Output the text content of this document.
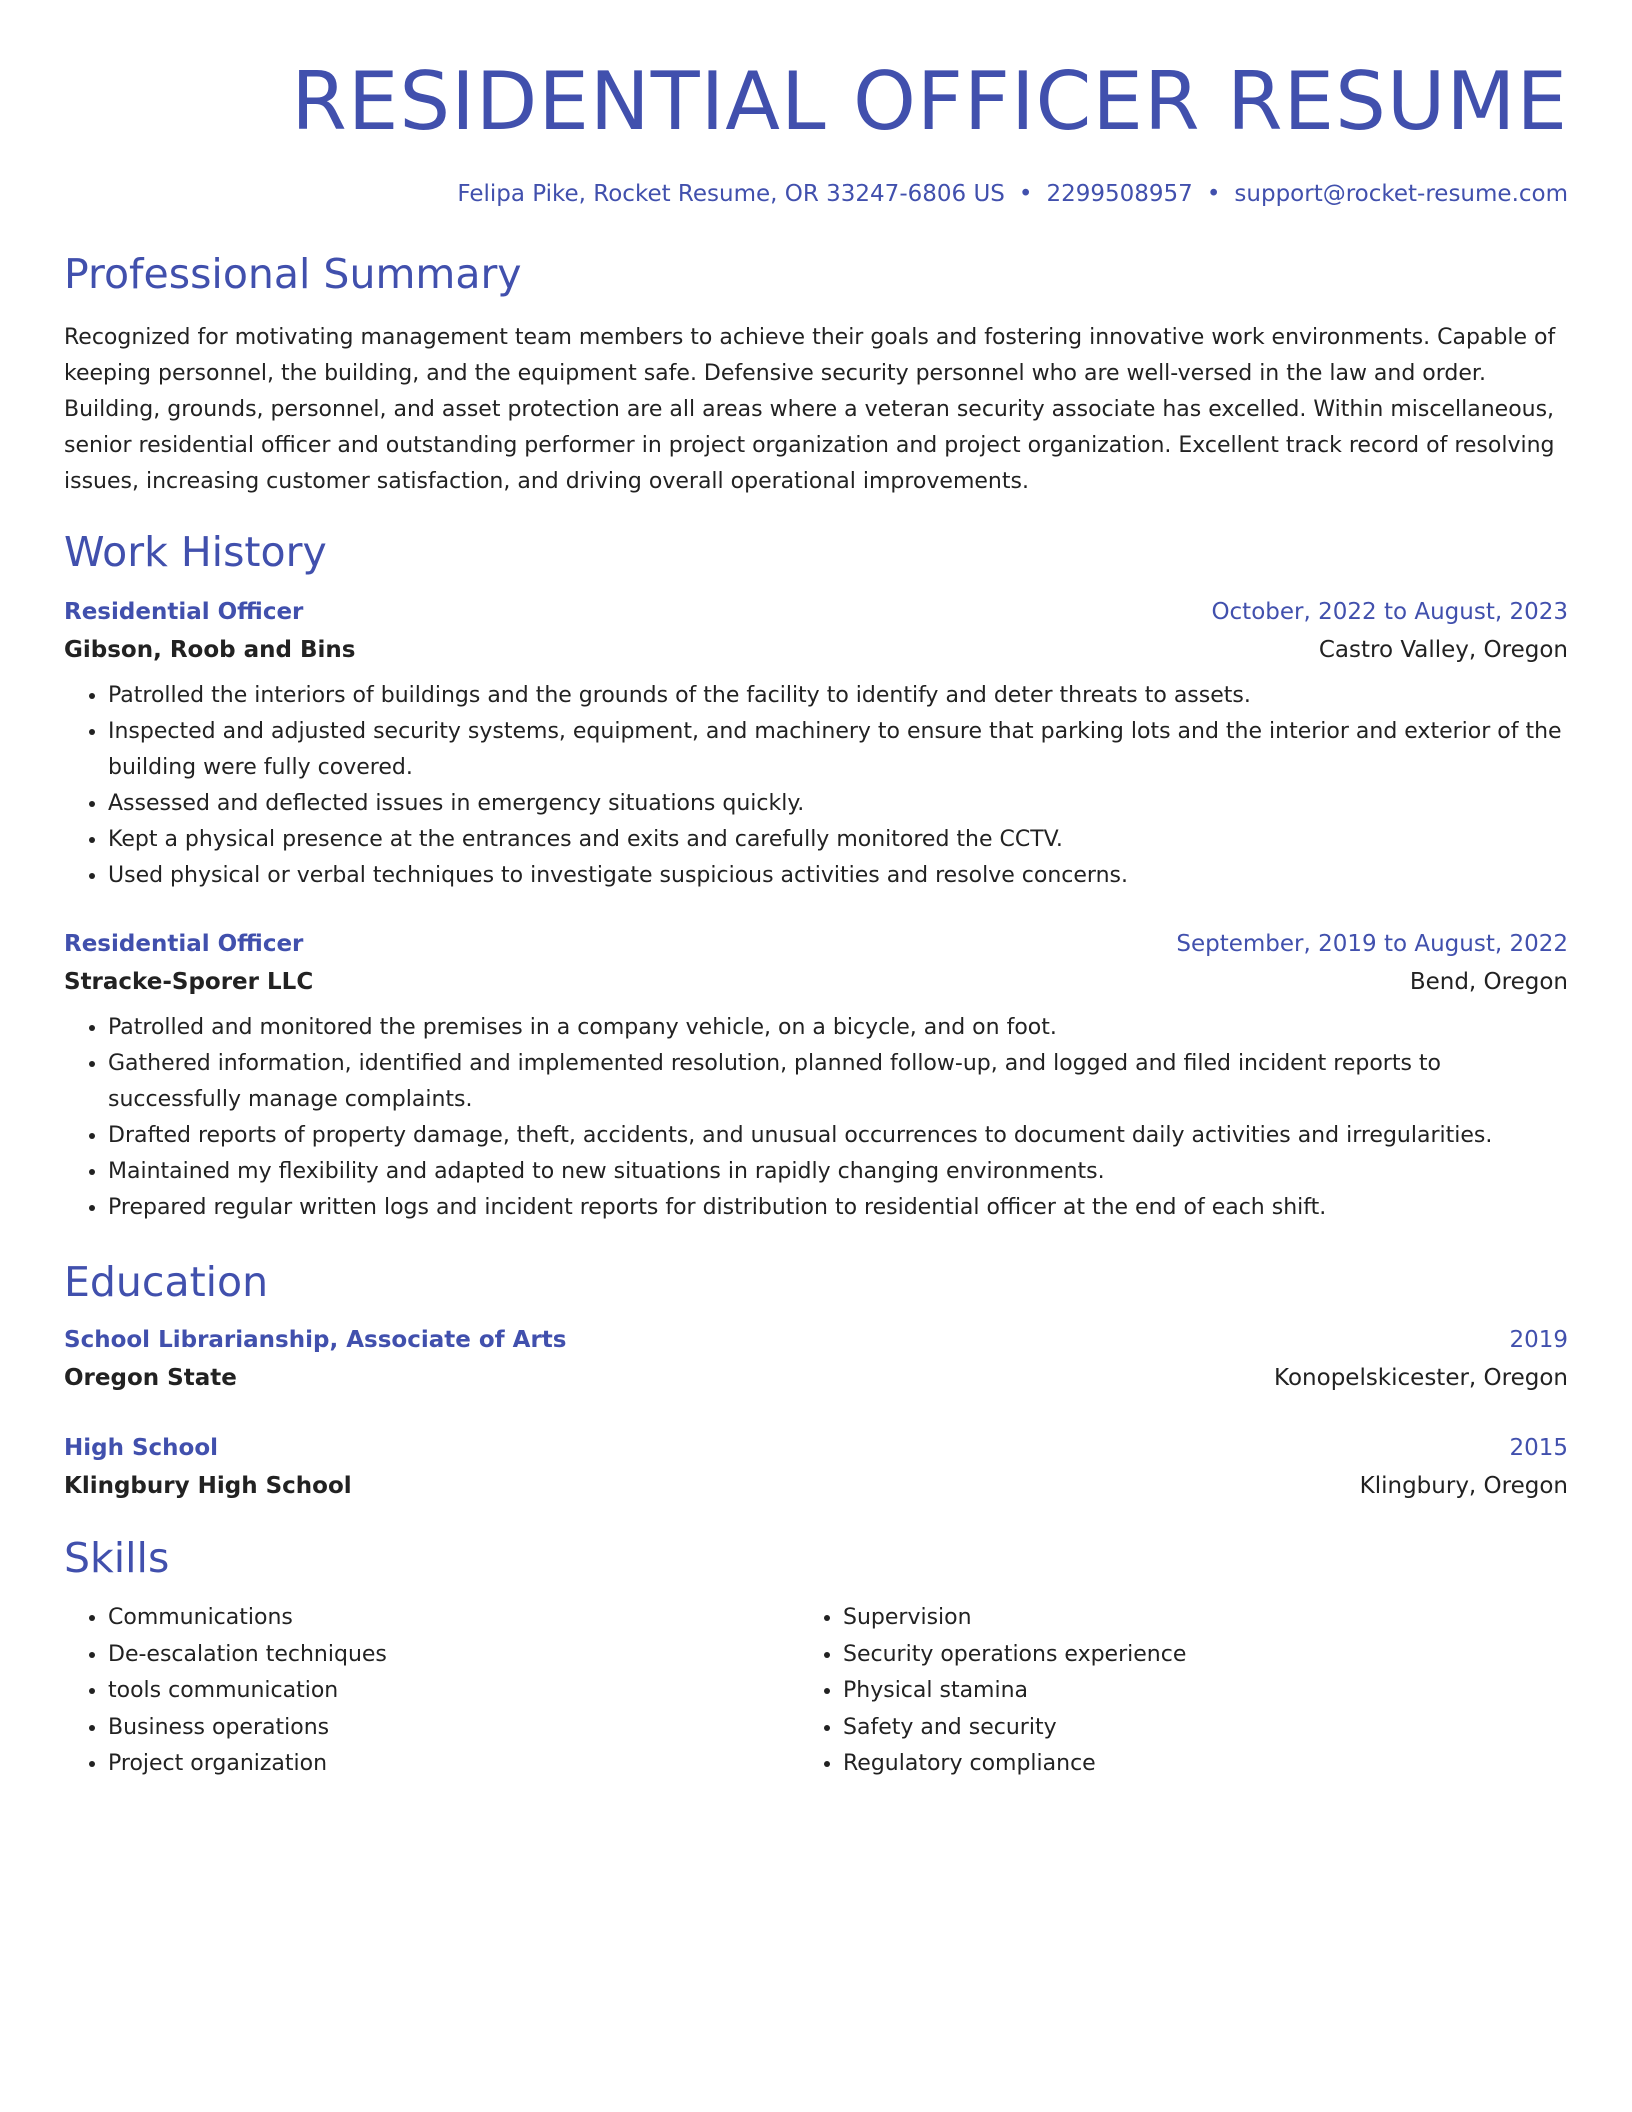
RESIDENTIAL OFFICER RESUME
Felipa Pike, Rocket Resume, OR 33247-6806 US • 2299508957 • support@rocket-resume.com
Professional Summary

Recognized for motivating management team members to achieve their goals and fostering innovative work environments. Capable of keeping personnel, the building, and the equipment safe. Defensive security personnel who are well-versed in the law and order. Building, grounds, personnel, and asset protection are all areas where a veteran security associate has excelled. Within miscellaneous, senior residential officer and outstanding performer in project organization and project organization. Excellent track record of resolving issues, increasing customer satisfaction, and driving overall operational improvements.

Work History
Residential Officer	October, 2022 to August, 2023
Gibson, Roob and Bins	Castro Valley, Oregon
• Patrolled the interiors of buildings and the grounds of the facility to identify and deter threats to assets.
• Inspected and adjusted security systems, equipment, and machinery to ensure that parking lots and the interior and exterior of the building were fully covered.
• Assessed and deflected issues in emergency situations quickly.
• Kept a physical presence at the entrances and exits and carefully monitored the CCTV.
• Used physical or verbal techniques to investigate suspicious activities and resolve concerns.
Residential Officer	September, 2019 to August, 2022
Stracke-Sporer LLC	Bend, Oregon
• Patrolled and monitored the premises in a company vehicle, on a bicycle, and on foot.
• Gathered information, identified and implemented resolution, planned follow-up, and logged and filed incident reports to successfully manage complaints.
• Drafted reports of property damage, theft, accidents, and unusual occurrences to document daily activities and irregularities.
• Maintained my flexibility and adapted to new situations in rapidly changing environments.
• Prepared regular written logs and incident reports for distribution to residential officer at the end of each shift.
Education
School Librarianship, Associate of Arts	2019
Oregon State	Konopelskicester, Oregon
High School	2015
Klingbury High School	Klingbury, Oregon
Skills
• Communications
• De-escalation techniques
• tools communication
• Business operations
• Project organization
• Supervision
• Security operations experience
• Physical stamina
• Safety and security
• Regulatory compliance
